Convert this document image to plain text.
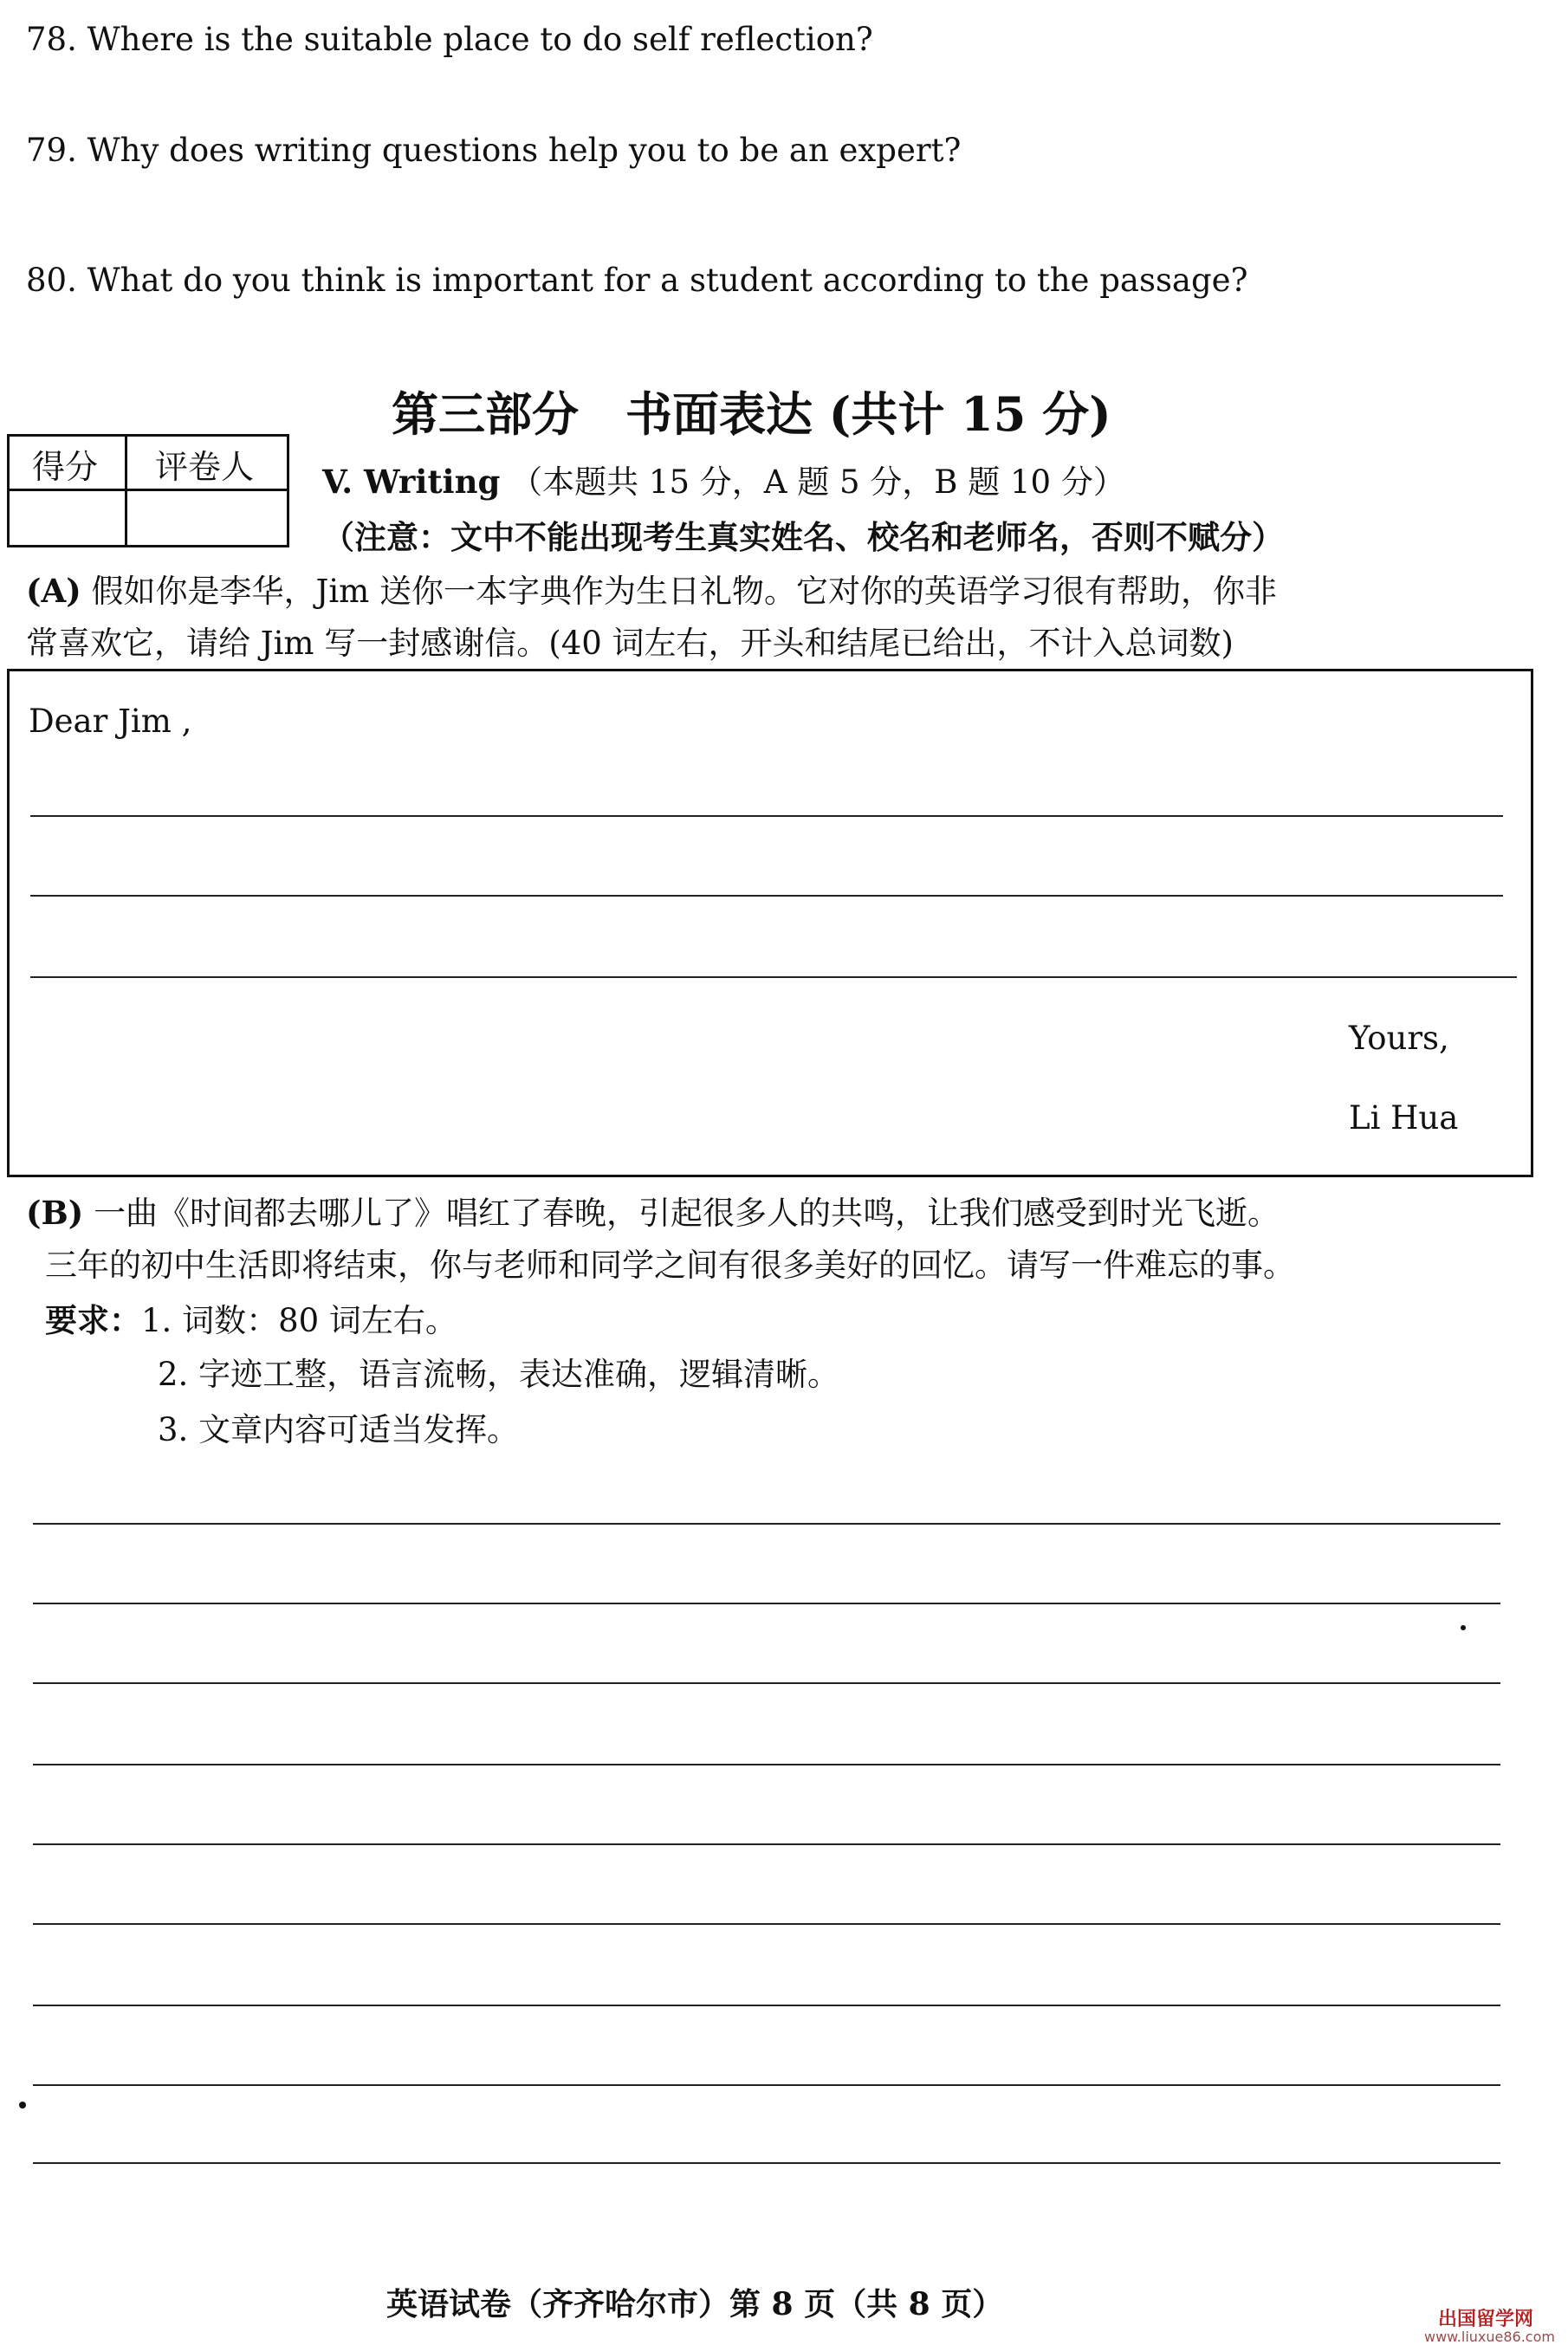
78. Where is the suitable place to do self reflection?
79. Why does writing questions help you to be an expert?
80. What do you think is important for a student according to the passage?
第三部分　书面表达 (共计 15 分)
得分 评卷人 V. Writing （本题共 15 分，A 题 5 分，B 题 10 分）
（注意：文中不能出现考生真实姓名、校名和老师名，否则不赋分）
(A) 假如你是李华，Jim 送你一本字典作为生日礼物。它对你的英语学习很有帮助，你非
常喜欢它，请给 Jim 写一封感谢信。(40 词左右，开头和结尾已给出，不计入总词数)
Dear Jim ,
Yours,
Li Hua
(B) 一曲《时间都去哪儿了》唱红了春晚，引起很多人的共鸣，让我们感受到时光飞逝。
三年的初中生活即将结束，你与老师和同学之间有很多美好的回忆。请写一件难忘的事。
要求：1. 词数：80 词左右。
2. 字迹工整，语言流畅，表达准确，逻辑清晰。
3. 文章内容可适当发挥。
英语试卷（齐齐哈尔市）第 8 页（共 8 页）	出国留学网
www.liuxue86.com
